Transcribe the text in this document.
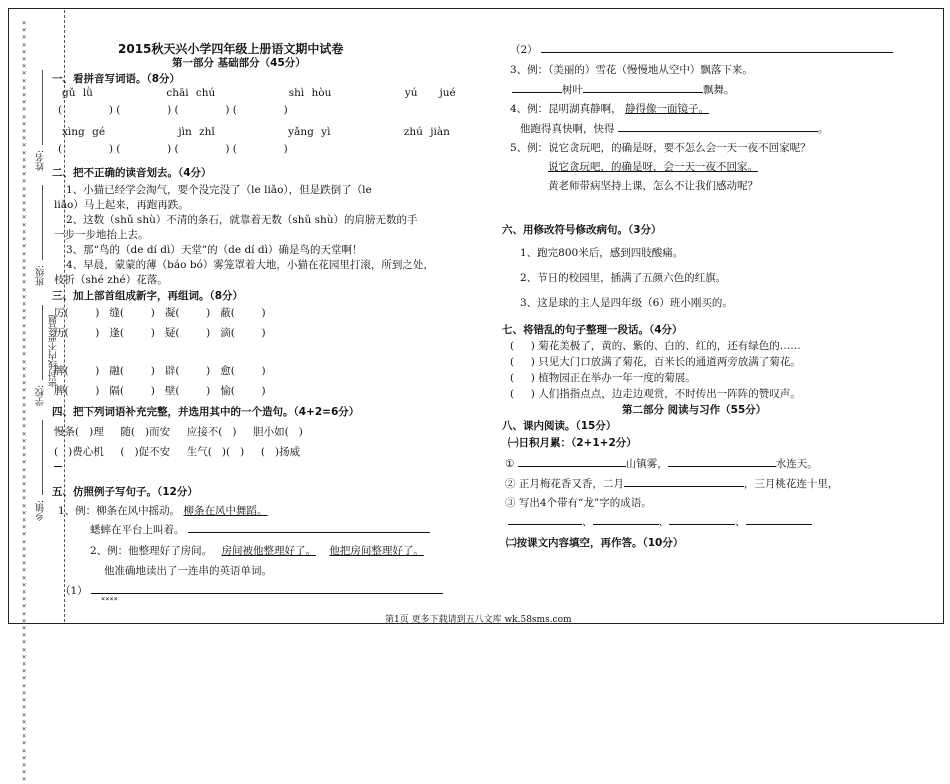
××××××××××××××××××××××××××××××××××××××××××××××××××××××××××××××××××××××××××××××××××××××××××××××××××××××××××
姓名:
班级:
学校:
密封线内不要答题
乡镇:
2015秋天兴小学四年级上册语文期中试卷
第一部分 基础部分（45分）
一、看拼音写词语。（8分）
gǔ lǜ          chāi chú          shì hòu          yú   jué
(              ) (              ) (              ) (              )
xìng gé          jìn zhǐ          yǎng yì          zhú jiàn
(              ) (              ) (              ) (              )
二、把不正确的读音划去。（4分）
1、小猫已经学会淘气，要个没完没了（le liǎo），但是跌倒了（le
liǎo）马上起来，再跑再跌。
2、这数（shǔ shù）不清的条石，就靠着无数（shǔ shù）的肩膀无数的手
一步一步地抬上去。
3、那“鸟的（de dí dì）天堂”的（de dí dì）确是鸟的天堂啊！
4、早晨，蒙蒙的薄（báo bó）雾笼罩着大地，小猫在花园里打滚，所到之处，
枝折（shé zhé）花落。
三、加上部首组成新字，再组词。（8分）
厉(        )   缝(        )   凝(        )   蔽(        )
历(        )   逢(        )   疑(        )   滴(        )
牌(        )   融(        )   辟(        )   愈(        )
脾(        )   隔(        )   壁(        )   愉(        )
四、把下列词语补充完整，并选用其中的一个造句。（4+2=6分）
慢条(   )理     随(   )而安     应接不(   )     胆小如(   )
(   )费心机     (   )促不安     生气(   )(   )     (   )扬威
五、仿照例子写句子。（12分）
1、例：柳条在风中摇动。 柳条在风中舞蹈。
蟋蟀在平台上叫着。
2、例：他整理好了房间。 房间被他整理好了。 他把房间整理好了。
他准确地读出了一连串的英语单词。
（1）
××××
（2）
3、例：（美丽的）雪花（慢慢地从空中）飘落下来。
树叶	飘舞。
4、例：昆明湖真静啊， 静得像一面镜子。
他跑得真快啊，快得	。
5、例：说它贪玩吧，的确是呀，要不怎么会一天一夜不回家呢？
说它贪玩吧，的确是呀，会一天一夜不回家。
黄老师带病坚持上课，怎么不让我们感动呢？
六、用修改符号修改病句。（3分）
1、跑完800米后，感到四肢酸痛。
2、节日的校园里，插满了五颜六色的红旗。
3、这是球的主人是四年级（6）班小刚买的。
七、将错乱的句子整理一段话。（4分）
(     ) 菊花美极了，黄的、紫的、白的、红的，还有绿色的……
(     ) 只见大门口放满了菊花，百米长的通道两旁放满了菊花。
(     ) 植物园正在举办一年一度的菊展。
(     ) 人们指指点点，边走边观赏，不时传出一阵阵的赞叹声。
第二部分 阅读与习作（55分）
八、课内阅读。（15分）
㈠日积月累：（2+1+2分）
①	山镇雾，	水连天。
② 正月梅花香又香，二月	，三月桃花连十里，
③ 写出4个带有“龙”字的成语。
、	、	、
㈡按课文内容填空，再作答。（10分）
第1页 更多下载请到五八文库 wk.58sms.com
